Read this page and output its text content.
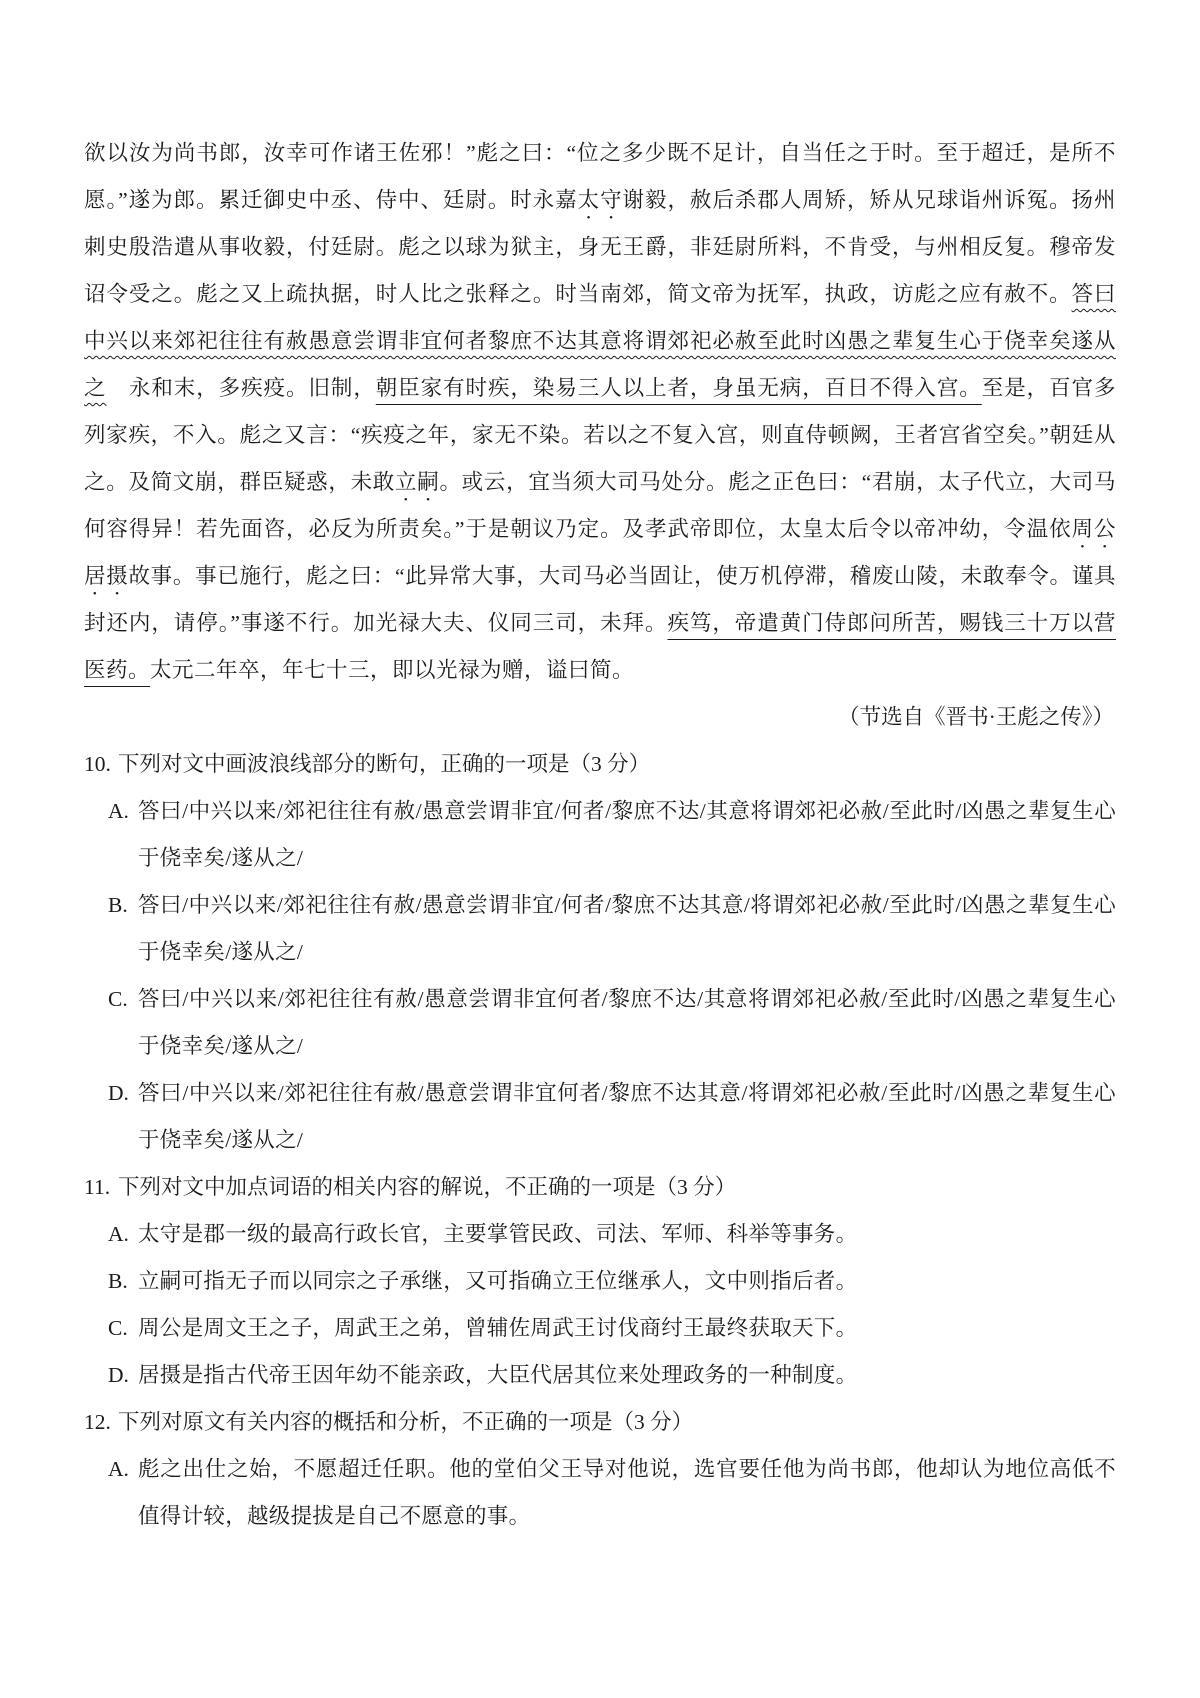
欲以汝为尚书郎，汝幸可作诸王佐邪！”彪之曰：“位之多少既不足计，自当任之于时。至于超迁，是所不愿。”遂为郎。累迁御史中丞、侍中、廷尉。时永嘉太守谢毅，赦后杀郡人周矫，矫从兄球诣州诉冤。扬州刺史殷浩遣从事收毅，付廷尉。彪之以球为狱主，身无王爵，非廷尉所料，不肯受，与州相反复。穆帝发诏令受之。彪之又上疏执据，时人比之张释之。时当南郊，简文帝为抚军，执政，访彪之应有赦不。答曰中兴以来郊祀往往有赦愚意尝谓非宜何者黎庶不达其意将谓郊祀必赦至此时凶愚之辈复生心于侥幸矣遂从之　永和末，多疾疫。旧制，朝臣家有时疾，染易三人以上者，身虽无病，百日不得入宫。至是，百官多列家疾，不入。彪之又言：“疾疫之年，家无不染。若以之不复入宫，则直侍顿阙，王者宫省空矣。”朝廷从之。及简文崩，群臣疑惑，未敢立嗣。或云，宜当须大司马处分。彪之正色曰：“君崩，太子代立，大司马何容得异！若先面咨，必反为所责矣。”于是朝议乃定。及孝武帝即位，太皇太后令以帝冲幼，令温依周公居摄故事。事已施行，彪之曰：“此异常大事，大司马必当固让，使万机停滞，稽废山陵，未敢奉令。谨具封还内，请停。”事遂不行。加光禄大夫、仪同三司，未拜。疾笃，帝遣黄门侍郎问所苦，赐钱三十万以营医药。太元二年卒，年七十三，即以光禄为赠，谥曰简。
（节选自《晋书·王彪之传》）
10. 下列对文中画波浪线部分的断句，正确的一项是（3 分）
A. 答曰/中兴以来/郊祀往往有赦/愚意尝谓非宜/何者/黎庶不达/其意将谓郊祀必赦/至此时/凶愚之辈复生心于侥幸矣/遂从之/
B. 答曰/中兴以来/郊祀往往有赦/愚意尝谓非宜/何者/黎庶不达其意/将谓郊祀必赦/至此时/凶愚之辈复生心于侥幸矣/遂从之/
C. 答曰/中兴以来/郊祀往往有赦/愚意尝谓非宜何者/黎庶不达/其意将谓郊祀必赦/至此时/凶愚之辈复生心于侥幸矣/遂从之/
D. 答曰/中兴以来/郊祀往往有赦/愚意尝谓非宜何者/黎庶不达其意/将谓郊祀必赦/至此时/凶愚之辈复生心于侥幸矣/遂从之/
11. 下列对文中加点词语的相关内容的解说，不正确的一项是（3 分）
A. 太守是郡一级的最高行政长官，主要掌管民政、司法、军师、科举等事务。
B. 立嗣可指无子而以同宗之子承继，又可指确立王位继承人，文中则指后者。
C. 周公是周文王之子，周武王之弟，曾辅佐周武王讨伐商纣王最终获取天下。
D. 居摄是指古代帝王因年幼不能亲政，大臣代居其位来处理政务的一种制度。
12. 下列对原文有关内容的概括和分析，不正确的一项是（3 分）
A. 彪之出仕之始，不愿超迁任职。他的堂伯父王导对他说，选官要任他为尚书郎，他却认为地位高低不值得计较，越级提拔是自己不愿意的事。
